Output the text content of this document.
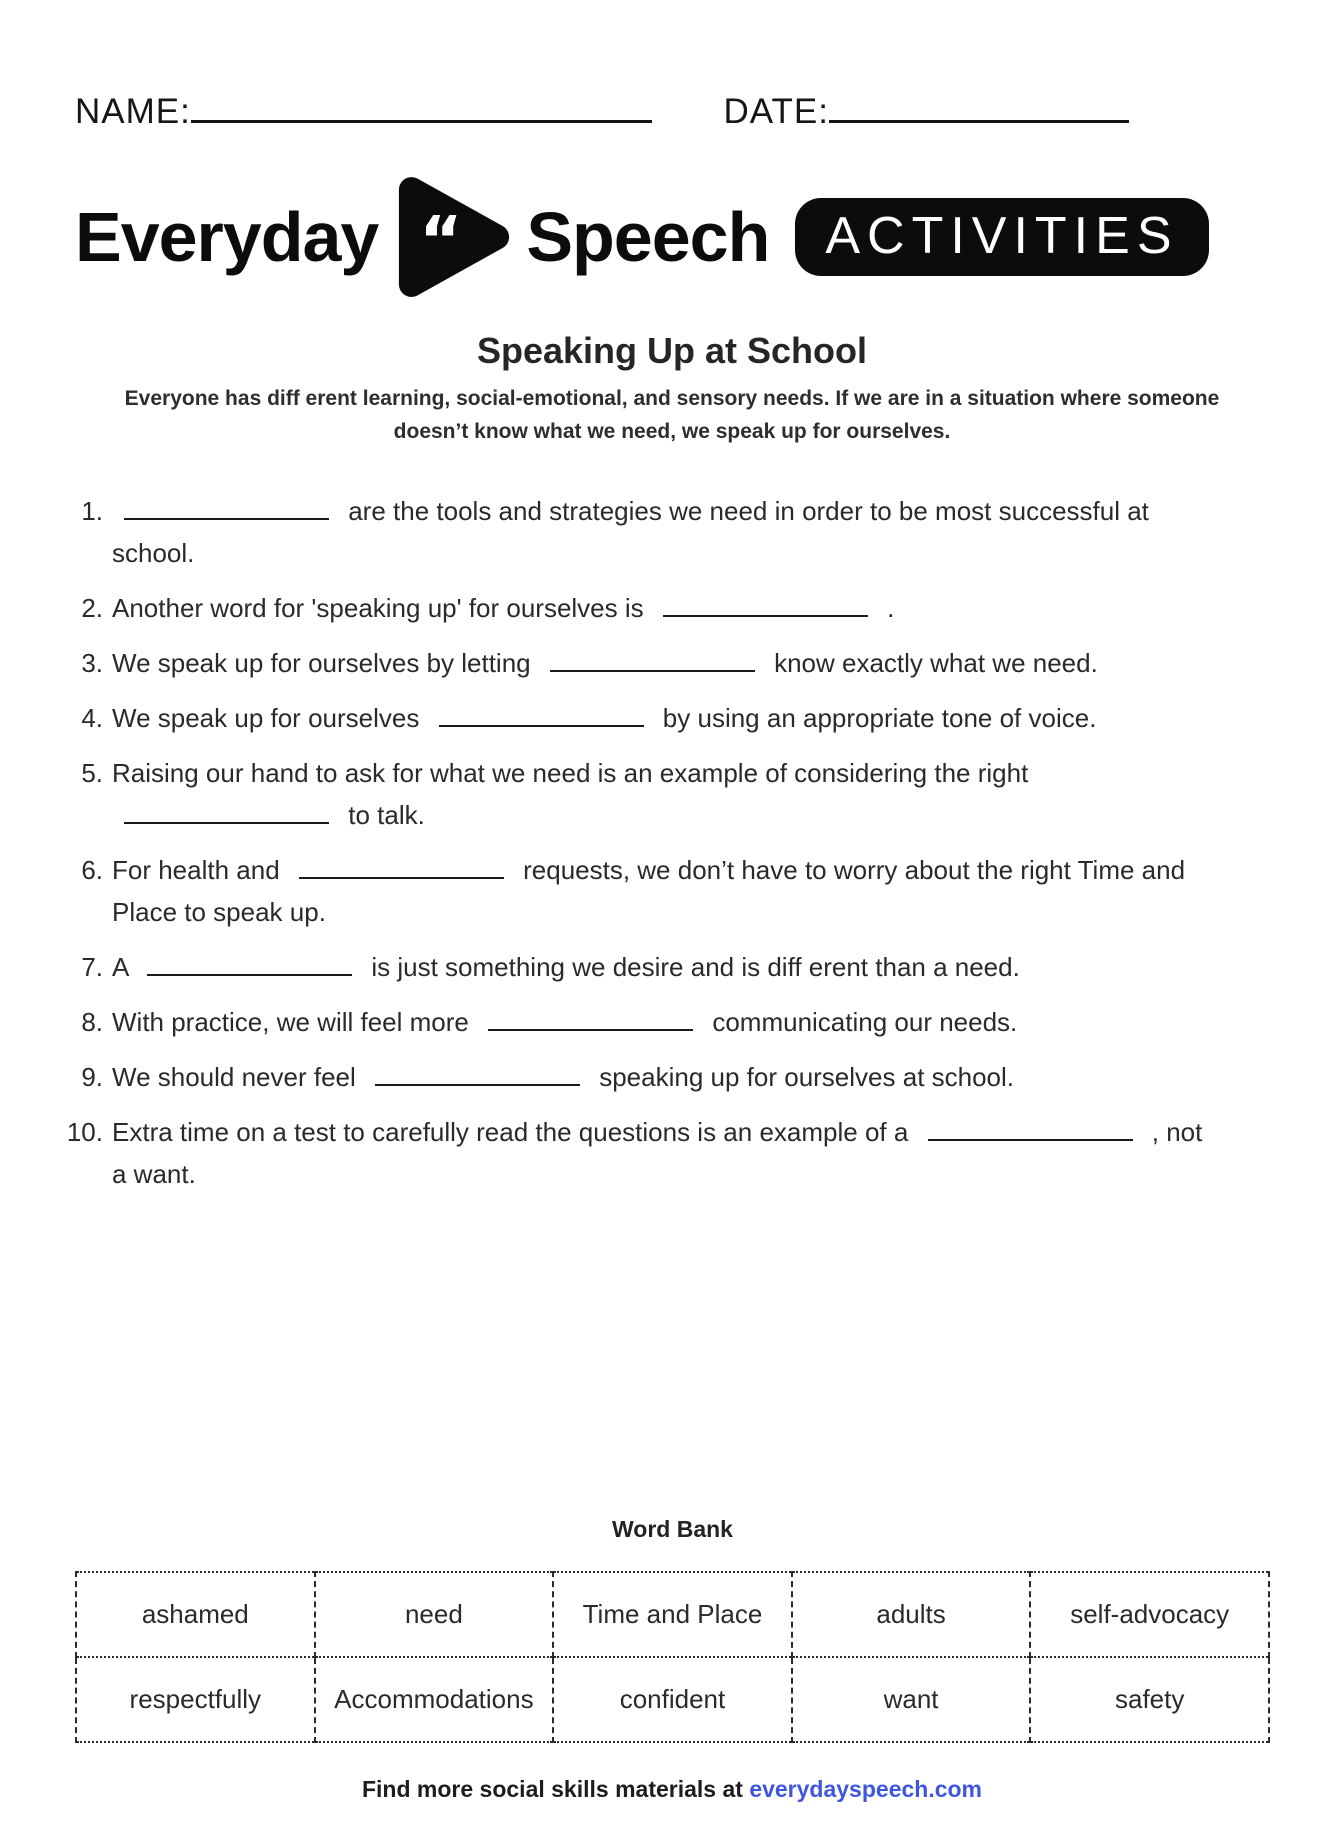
NAME:	DATE:
Everyday “ Speech	ACTIVITIES
Speaking Up at School

Everyone has diff erent learning, social-emotional, and sensory needs. If we are in a situation where someone doesn’t know what we need, we speak up for ourselves.

1.	are the tools and strategies we need in order to be most successful at school.
2. Another word for 'speaking up' for ourselves is	.
3. We speak up for ourselves by letting	know exactly what we need.
4. We speak up for ourselves	by using an appropriate tone of voice.
5. Raising our hand to ask for what we need is an example of considering the right  to talk.
6. For health and	requests, we don’t have to worry about the right Time and Place to speak up.
7. A	is just something we desire and is diff erent than a need.
8. With practice, we will feel more	communicating our needs.
9. We should never feel	speaking up for ourselves at school.
10. Extra time on a test to carefully read the questions is an example of a	, not a want.
Word Bank
ashamed	need	Time and Place	adults	self-advocacy
respectfully	Accommodations	confident	want	safety
Find more social skills materials at everydayspeech.com
